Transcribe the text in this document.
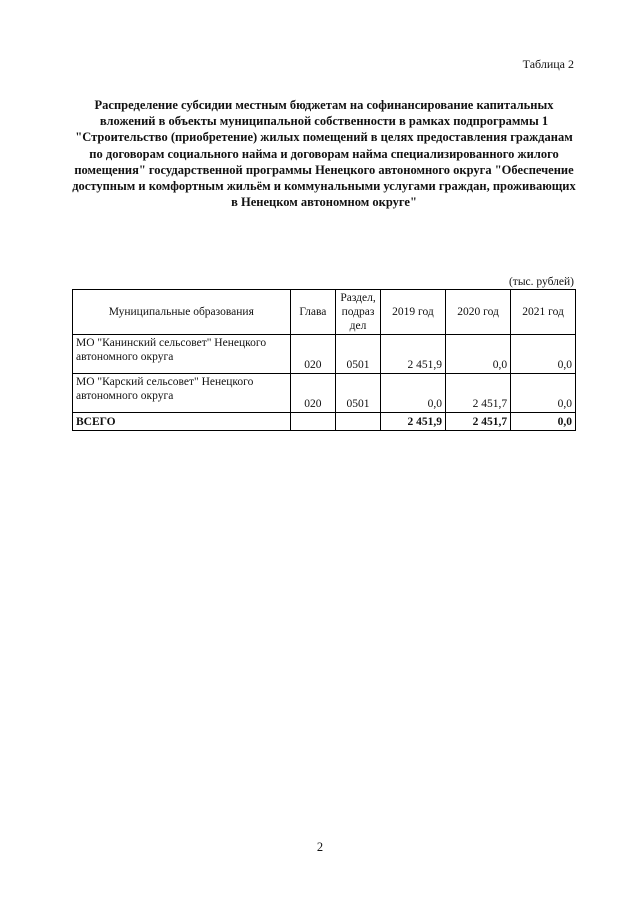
Таблица 2
Распределение субсидии местным бюджетам на софинансирование капитальных вложений в объекты муниципальной собственности в рамках подпрограммы 1 "Строительство (приобретение) жилых помещений в целях предоставления гражданам по договорам социального найма и договорам найма специализированного жилого помещения" государственной программы Ненецкого автономного округа "Обеспечение доступным и комфортным жильём и коммунальными услугами граждан, проживающих в Ненецком автономном округе"
(тыс. рублей)
Муниципальные образования	Глава	Раздел, подраз дел	2019 год	2020 год	2021 год
МО "Канинский сельсовет" Ненецкого автономного округа	020	0501	2 451,9	0,0	0,0
МО "Карский сельсовет" Ненецкого автономного округа	020	0501	0,0	2 451,7	0,0
ВСЕГО			2 451,9	2 451,7	0,0
2
